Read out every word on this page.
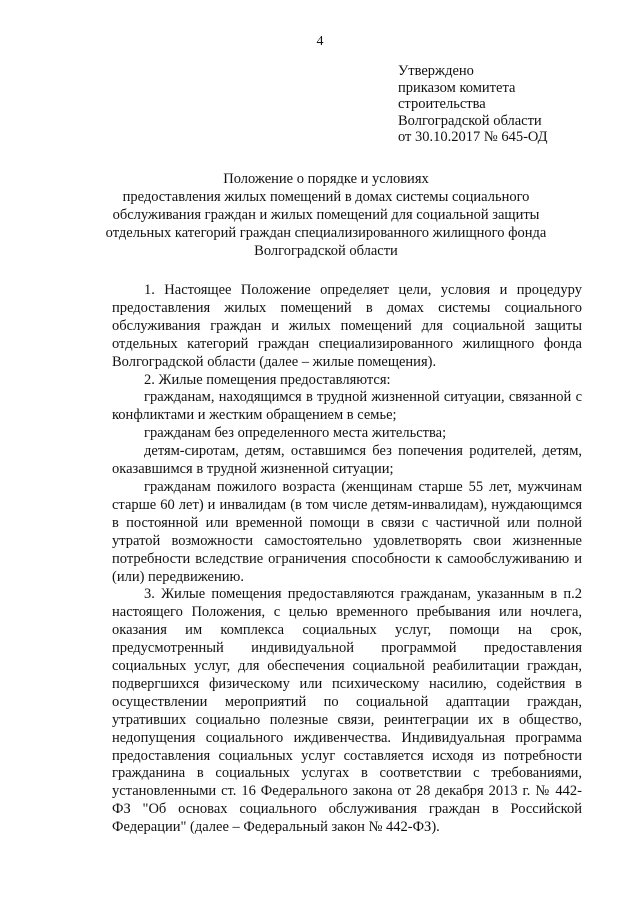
4
Утверждено
приказом комитета
строительства
Волгоградской области
от 30.10.2017 № 645-ОД
Положение о порядке и условиях
предоставления жилых помещений в домах системы социального
обслуживания граждан и жилых помещений для социальной защиты
отдельных категорий граждан специализированного жилищного фонда
Волгоградской области

1. Настоящее Положение определяет цели, условия и процедуру предоставления жилых помещений в домах системы социального обслуживания граждан и жилых помещений для социальной защиты отдельных категорий граждан специализированного жилищного фонда Волгоградской области (далее – жилые помещения).

2. Жилые помещения предоставляются:

гражданам, находящимся в трудной жизненной ситуации, связанной с конфликтами и жестким обращением в семье;

гражданам без определенного места жительства;

детям-сиротам, детям, оставшимся без попечения родителей, детям, оказавшимся в трудной жизненной ситуации;

гражданам пожилого возраста (женщинам старше 55 лет, мужчинам старше 60 лет) и инвалидам (в том числе детям-инвалидам), нуждающимся в постоянной или временной помощи в связи с частичной или полной утратой возможности самостоятельно удовлетворять свои жизненные потребности вследствие ограничения способности к самообслуживанию и (или) передвижению.

3. Жилые помещения предоставляются гражданам, указанным в п.2 настоящего Положения, с целью временного пребывания или ночлега, оказания им комплекса социальных услуг, помощи на срок, предусмотренный индивидуальной программой предоставления социальных услуг, для обеспечения социальной реабилитации граждан, подвергшихся физическому или психическому насилию, содействия в осуществлении мероприятий по социальной адаптации граждан, утративших социально полезные связи, реинтеграции их в общество, недопущения социального иждивенчества. Индивидуальная программа предоставления социальных услуг составляется исходя из потребности гражданина в социальных услугах в соответствии с требованиями, установленными ст. 16 Федерального закона от 28 декабря 2013 г. № 442-ФЗ "Об основах социального обслуживания граждан в Российской Федерации" (далее – Федеральный закон № 442-ФЗ).
